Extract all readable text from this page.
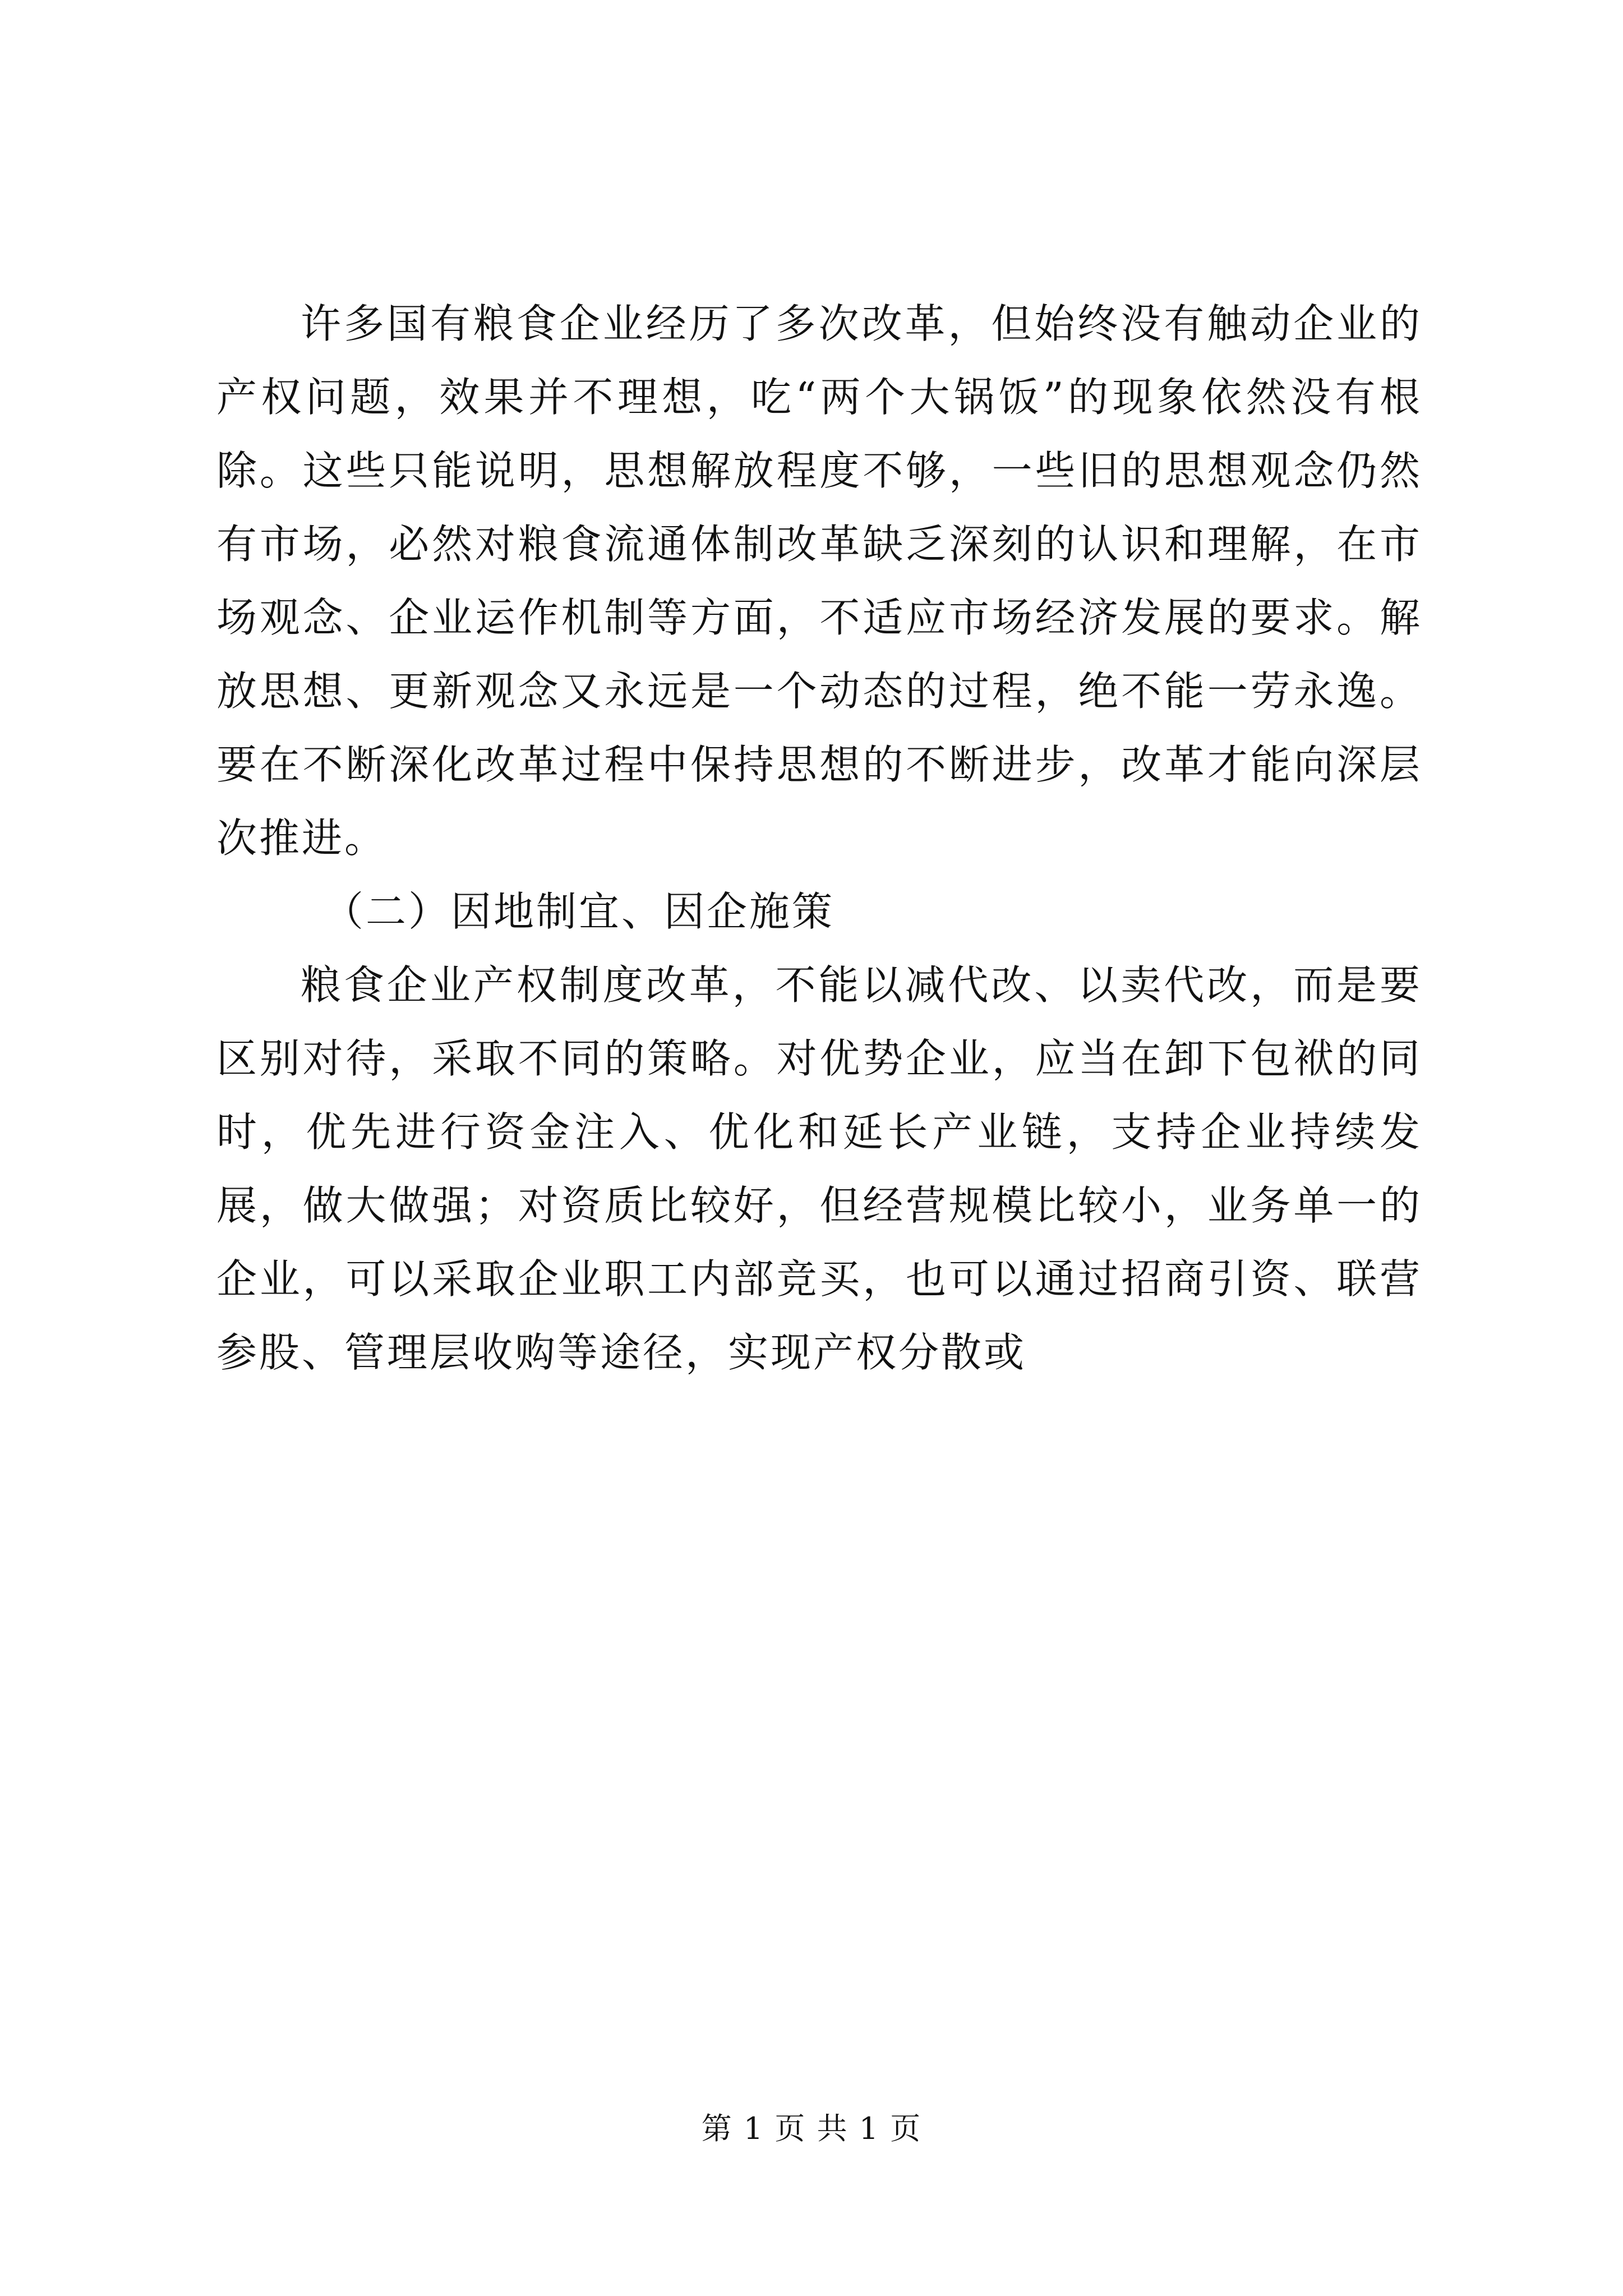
许多国有粮食企业经历了多次改革，但始终没有触动企业的产权问题，效果并不理想，吃“两个大锅饭”的现象依然没有根除。这些只能说明，思想解放程度不够，一些旧的思想观念仍然有市场，必然对粮食流通体制改革缺乏深刻的认识和理解，在市场观念、企业运作机制等方面，不适应市场经济发展的要求。解放思想、更新观念又永远是一个动态的过程，绝不能一劳永逸。要在不断深化改革过程中保持思想的不断进步，改革才能向深层次推进。

（二）因地制宜、因企施策

粮食企业产权制度改革，不能以减代改、以卖代改，而是要区别对待，采取不同的策略。对优势企业，应当在卸下包袱的同时，优先进行资金注入、优化和延长产业链，支持企业持续发展，做大做强；对资质比较好，但经营规模比较小，业务单一的企业，可以采取企业职工内部竞买，也可以通过招商引资、联营参股、管理层收购等途径，实现产权分散或

第 1 页 共 1 页
